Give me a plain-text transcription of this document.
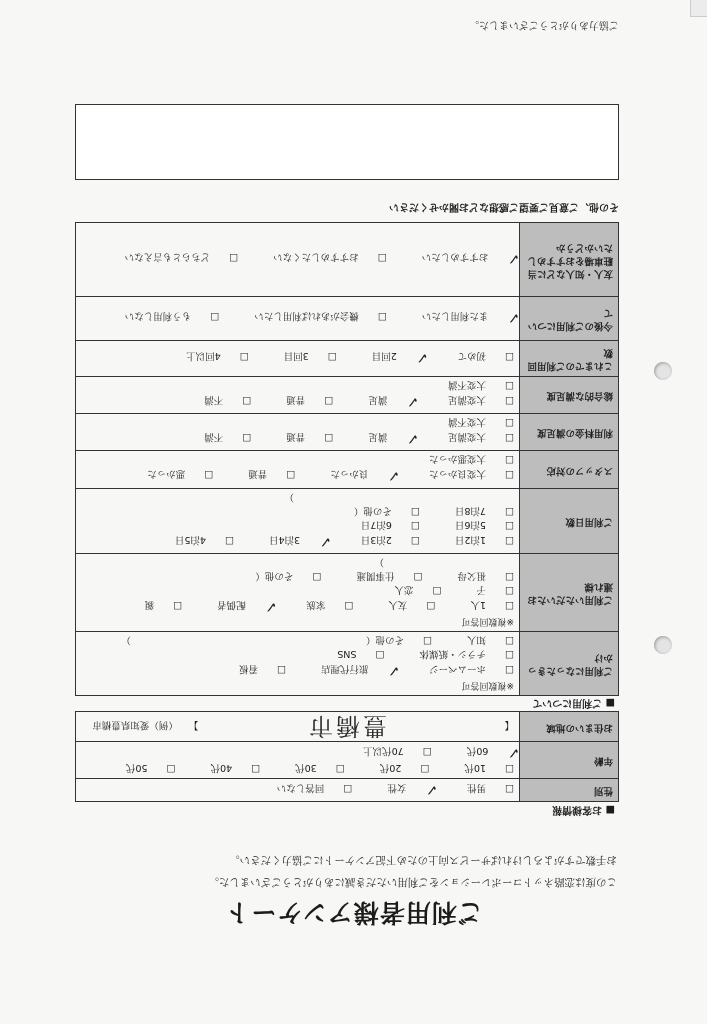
ご利用者様アンケート
この度は恋路ネットコーポレーションをご利用いただき誠にありがとうございました。
お手数ですがよろしければサービス向上のため下記アンケートにご協力ください。
■ お客様情報
性別	☐ 男性 ✓ 女性 ☐ 回答しない
年齢	☐ 10代 ☐ 20代 ☐ 30代 ☐ 40代 ☐ 50代 ✓ 60代 ☐ 70代以上
お住まいの地域	【  】 （例）愛知県豊橋市
■ ご利用について
ご利用になったきっかけ	※複数回答可
☐ ホームページ ✓ 旅行代理店 ☐ 看板 ☐ チラシ・紙媒体 ☐ SNS
☐ 知人 ☐ その他（ ）

ご利用いただいたお連れ様	※複数回答可
☐ 1人 ☐ 友人 ☐ 家族 ✓ 配偶者 ☐ 親 ☐ 子 ☐ 恋人
☐ 祖父母 ☐ 仕事関連 ☐ その他（ ）

ご利用日数	☐ 1泊2日 ☐ 2泊3日 ✓ 3泊4日 ☐ 4泊5日 ☐ 5泊6日 ☐ 6泊7日
☐ 7泊8日 ☐ その他（ ）

スタッフの対応	☐ 大変良かった ✓ 良かった ☐ 普通 ☐ 悪かった ☐ 大変悪かった
利用料金の満足度	☐ 大変満足 ✓ 満足 ☐ 普通 ☐ 不満 ☐ 大変不満
総合的な満足度	☐ 大変満足 ✓ 満足 ☐ 普通 ☐ 不満 ☐ 大変不満
これまでのご利用回数	☐ 初めて ✓ 2回目 ☐ 3回目 ☐ 4回以上
今後のご利用について	✓ また利用したい ☐ 機会があれば利用したい ☐ もう利用しない
友人・知人などに当駐車場をおすすめしたいかどうか	✓ おすすめしたい ☐ おすすめしたくない ☐ どちらとも言えない
その他、ご意見ご要望ご感想などお聞かせください
豊橋市
ご協力ありがとうございました。
